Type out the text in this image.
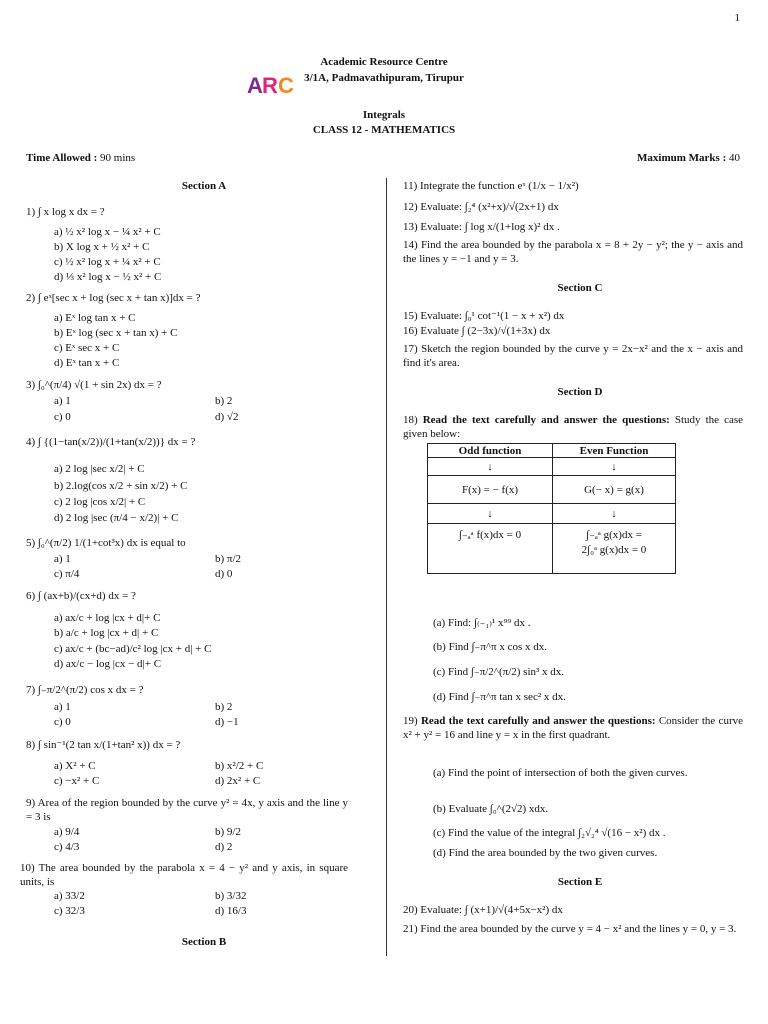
1
A R C
Academic Resource Centre
3/1A, Padmavathipuram, Tirupur
Integrals
CLASS 12 - MATHEMATICS
Time Allowed : 90 mins	Maximum Marks : 40
Section A
1) ∫ x log x dx = ?
a) ½ x² log x − ¼ x² + C
b) X log x + ½ x² + C
c) ½ x² log x + ¼ x² + C
d) ⅓ x² log x − ½ x² + C
2) ∫ eˣ[sec x + log (sec x + tan x)]dx = ?
a) Eˣ log tan x + C
b) Eˣ log (sec x + tan x) + C
c) Eˣ sec x + C
d) Eˣ tan x + C
3) ∫₀^(π/4) √(1 + sin 2x) dx = ?
a) 1	b) 2
c) 0	d) √2
4) ∫ {(1−tan(x/2))/(1+tan(x/2))} dx = ?
a) 2 log |sec x/2| + C
b) 2.log(cos x/2 + sin x/2) + C
c) 2 log |cos x/2| + C
d) 2 log |sec (π/4 − x/2)| + C
5) ∫₀^(π/2) 1/(1+cot³x) dx is equal to
a) 1	b) π/2
c) π/4	d) 0
6) ∫ (ax+b)/(cx+d) dx = ?
a) ax/c + log |cx + d|+ C
b) a/c + log |cx + d| + C
c) ax/c + (bc−ad)/c² log |cx + d| + C
d) ax/c − log |cx − d|+ C
7) ∫₋π/2^(π/2) cos x dx = ?
a) 1	b) 2
c) 0	d) −1
8) ∫ sin⁻¹(2 tan x/(1+tan² x)) dx = ?
a) X² + C	b) x²/2 + C
c) −x² + C	d) 2x² + C
9) Area of the region bounded by the curve y² = 4x, y axis and the line y = 3 is
a) 9/4	b) 9/2
c) 4/3	d) 2
10) The area bounded by the parabola x = 4 − y² and y axis, in square units, is
a) 33/2	b) 3/32
c) 32/3	d) 16/3
Section B
11) Integrate the function eˣ (1/x − 1/x²)
12) Evaluate: ∫₂⁴ (x²+x)/√(2x+1) dx
13) Evaluate: ∫ log x/(1+log x)² dx .
14) Find the area bounded by the parabola x = 8 + 2y − y²; the y − axis and the lines y = −1 and y = 3.
Section C
15) Evaluate: ∫₀¹ cot⁻¹(1 − x + x²) dx
16) Evaluate ∫ (2−3x)/√(1+3x) dx
17) Sketch the region bounded by the curve y = 2x−x² and the x − axis and find it's area.
Section D
18) Read the text carefully and answer the questions: Study the case given below:
Odd function	Even Function
↓	↓
F(x) = − f(x)	G(− x) = g(x)
↓	↓
∫₋ₐᵃ f(x)dx = 0	∫₋ₐᵃ g(x)dx =
2∫₀ᵃ g(x)dx = 0
(a) Find: ∫₍₋₁₎¹ x⁹⁹ dx .
(b) Find ∫₋π^π x cos x dx.
(c) Find ∫₋π/2^(π/2) sin³ x dx.
(d) Find ∫₋π^π tan x sec² x dx.
19) Read the text carefully and answer the questions: Consider the curve x² + y² = 16 and line y = x in the first quadrant.
(a) Find the point of intersection of both the given curves.
(b) Evaluate ∫₀^(2√2) xdx.
(c) Find the value of the integral ∫₂√₂⁴ √(16 − x²) dx .
(d) Find the area bounded by the two given curves.
Section E
20) Evaluate: ∫ (x+1)/√(4+5x−x²) dx
21) Find the area bounded by the curve y = 4 − x² and the lines y = 0, y = 3.
